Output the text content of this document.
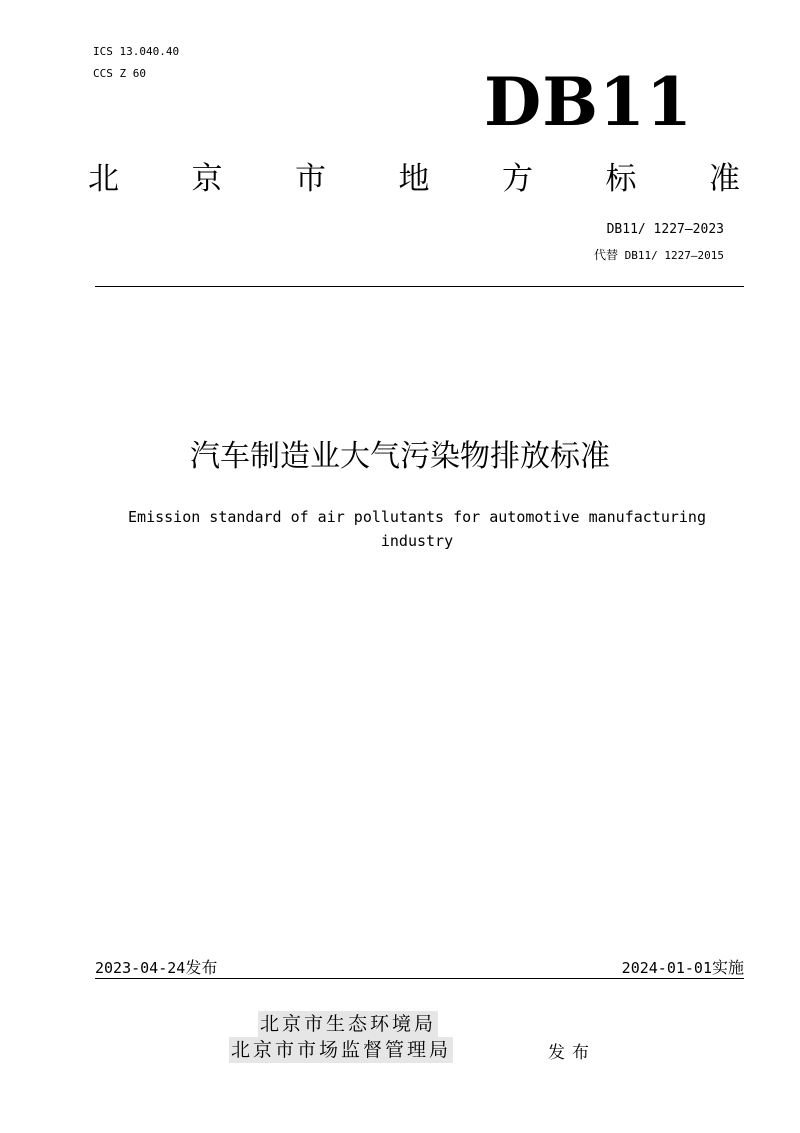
ICS 13.040.40
CCS Z 60	DB11
北 京 市 地 方 标 准
DB11/ 1227—2023
代替 DB11/ 1227—2015
汽车制造业大气污染物排放标准
Emission standard of air pollutants for automotive manufacturing industry
2023-04-24发布	2024-01-01实施
北京市生态环境局
北京市市场监督管理局	发布
